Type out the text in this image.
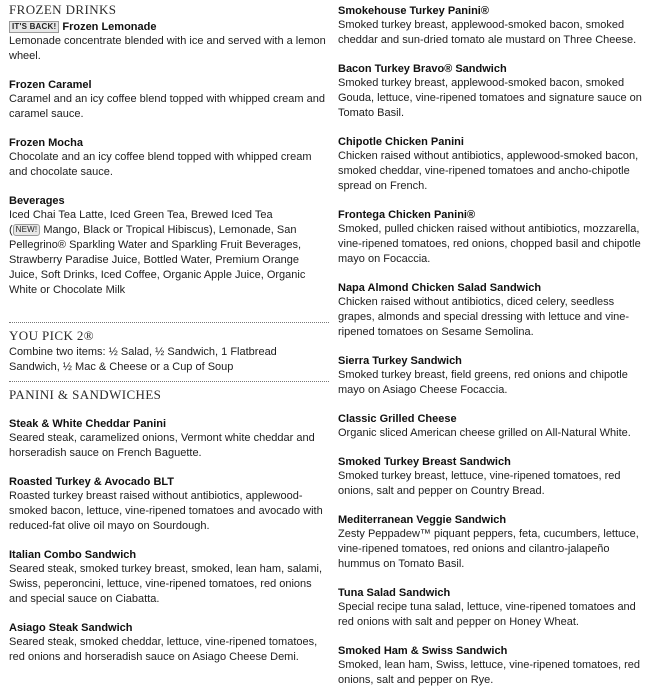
FROZEN DRINKS
IT'S BACK! Frozen Lemonade
Lemonade concentrate blended with ice and served with a lemon wheel.
Frozen Caramel
Caramel and an icy coffee blend topped with whipped cream and caramel sauce.
Frozen Mocha
Chocolate and an icy coffee blend topped with whipped cream and chocolate sauce.
Beverages
Iced Chai Tea Latte, Iced Green Tea, Brewed Iced Tea
( NEW! Mango, Black or Tropical Hibiscus), Lemonade, San Pellegrino® Sparkling Water and Sparkling Fruit Beverages, Strawberry Paradise Juice, Bottled Water, Premium Orange Juice, Soft Drinks, Iced Coffee, Organic Apple Juice, Organic White or Chocolate Milk
YOU PICK 2®
Combine two items: ½ Salad, ½ Sandwich, 1 Flatbread Sandwich, ½ Mac & Cheese or a Cup of Soup
PANINI & SANDWICHES
Steak & White Cheddar Panini
Seared steak, caramelized onions, Vermont white cheddar and horseradish sauce on French Baguette.
Roasted Turkey & Avocado BLT
Roasted turkey breast raised without antibiotics, applewood-smoked bacon, lettuce, vine-ripened tomatoes and avocado with reduced-fat olive oil mayo on Sourdough.
Italian Combo Sandwich
Seared steak, smoked turkey breast, smoked, lean ham, salami, Swiss, peperoncini, lettuce, vine-ripened tomatoes, red onions and special sauce on Ciabatta.
Asiago Steak Sandwich
Seared steak, smoked cheddar, lettuce, vine-ripened tomatoes, red onions and horseradish sauce on Asiago Cheese Demi.
Smokehouse Turkey Panini®
Smoked turkey breast, applewood-smoked bacon, smoked cheddar and sun-dried tomato ale mustard on Three Cheese.
Bacon Turkey Bravo® Sandwich
Smoked turkey breast, applewood-smoked bacon, smoked Gouda, lettuce, vine-ripened tomatoes and signature sauce on Tomato Basil.
Chipotle Chicken Panini
Chicken raised without antibiotics, applewood-smoked bacon, smoked cheddar, vine-ripened tomatoes and ancho-chipotle spread on French.
Frontega Chicken Panini®
Smoked, pulled chicken raised without antibiotics, mozzarella, vine-ripened tomatoes, red onions, chopped basil and chipotle mayo on Focaccia.
Napa Almond Chicken Salad Sandwich
Chicken raised without antibiotics, diced celery, seedless grapes, almonds and special dressing with lettuce and vine-ripened tomatoes on Sesame Semolina.
Sierra Turkey Sandwich
Smoked turkey breast, field greens, red onions and chipotle mayo on Asiago Cheese Focaccia.
Classic Grilled Cheese
Organic sliced American cheese grilled on All-Natural White.
Smoked Turkey Breast Sandwich
Smoked turkey breast, lettuce, vine-ripened tomatoes, red onions, salt and pepper on Country Bread.
Mediterranean Veggie Sandwich
Zesty Peppadew™ piquant peppers, feta, cucumbers, lettuce, vine-ripened tomatoes, red onions and cilantro-jalapeño hummus on Tomato Basil.
Tuna Salad Sandwich
Special recipe tuna salad, lettuce, vine-ripened tomatoes and red onions with salt and pepper on Honey Wheat.
Smoked Ham & Swiss Sandwich
Smoked, lean ham, Swiss, lettuce, vine-ripened tomatoes, red onions, salt and pepper on Rye.
